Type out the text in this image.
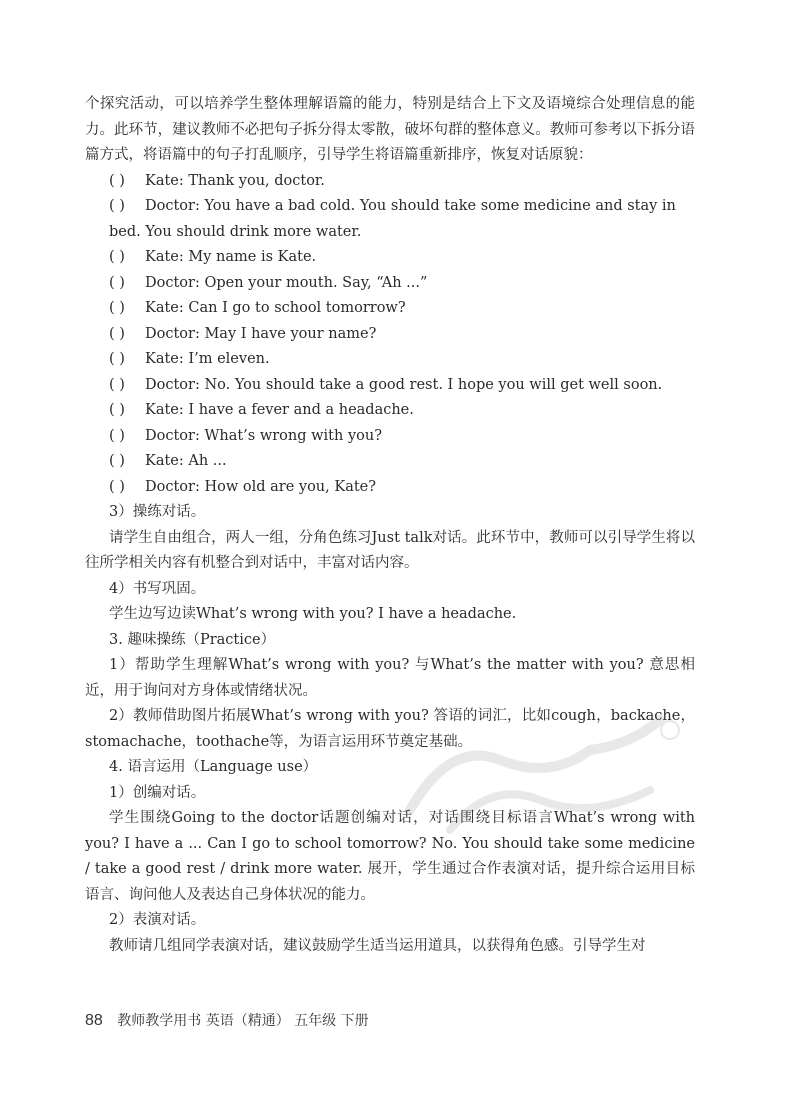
个探究活动，可以培养学生整体理解语篇的能力，特别是结合上下文及语境综合处理信息的能力。此环节，建议教师不必把句子拆分得太零散，破坏句群的整体意义。教师可参考以下拆分语篇方式，将语篇中的句子打乱顺序，引导学生将语篇重新排序，恢复对话原貌：

( ) Kate: Thank you, doctor.

( ) Doctor: You have a bad cold. You should take some medicine and stay in bed. You should drink more water.

( ) Kate: My name is Kate.

( ) Doctor: Open your mouth. Say, “Ah ...”

( ) Kate: Can I go to school tomorrow?

( ) Doctor: May I have your name?

( ) Kate: I’m eleven.

( ) Doctor: No. You should take a good rest. I hope you will get well soon.

( ) Kate: I have a fever and a headache.

( ) Doctor: What’s wrong with you?

( ) Kate: Ah ...

( ) Doctor: How old are you, Kate?

3）操练对话。

请学生自由组合，两人一组，分角色练习Just talk对话。此环节中，教师可以引导学生将以往所学相关内容有机整合到对话中，丰富对话内容。

4）书写巩固。

学生边写边读What’s wrong with you? I have a headache.

3. 趣味操练（Practice）

1）帮助学生理解What’s wrong with you? 与What’s the matter with you? 意思相近，用于询问对方身体或情绪状况。

2）教师借助图片拓展What’s wrong with you? 答语的词汇，比如cough，backache，stomachache，toothache等，为语言运用环节奠定基础。

4. 语言运用（Language use）

1）创编对话。

学生围绕Going to the doctor话题创编对话，对话围绕目标语言What’s wrong with you? I have a ... Can I go to school tomorrow? No. You should take some medicine / take a good rest / drink more water. 展开，学生通过合作表演对话，提升综合运用目标语言、询问他人及表达自己身体状况的能力。

2）表演对话。

教师请几组同学表演对话，建议鼓励学生适当运用道具，以获得角色感。引导学生对

88 教师教学用书 英语（精通） 五年级 下册
